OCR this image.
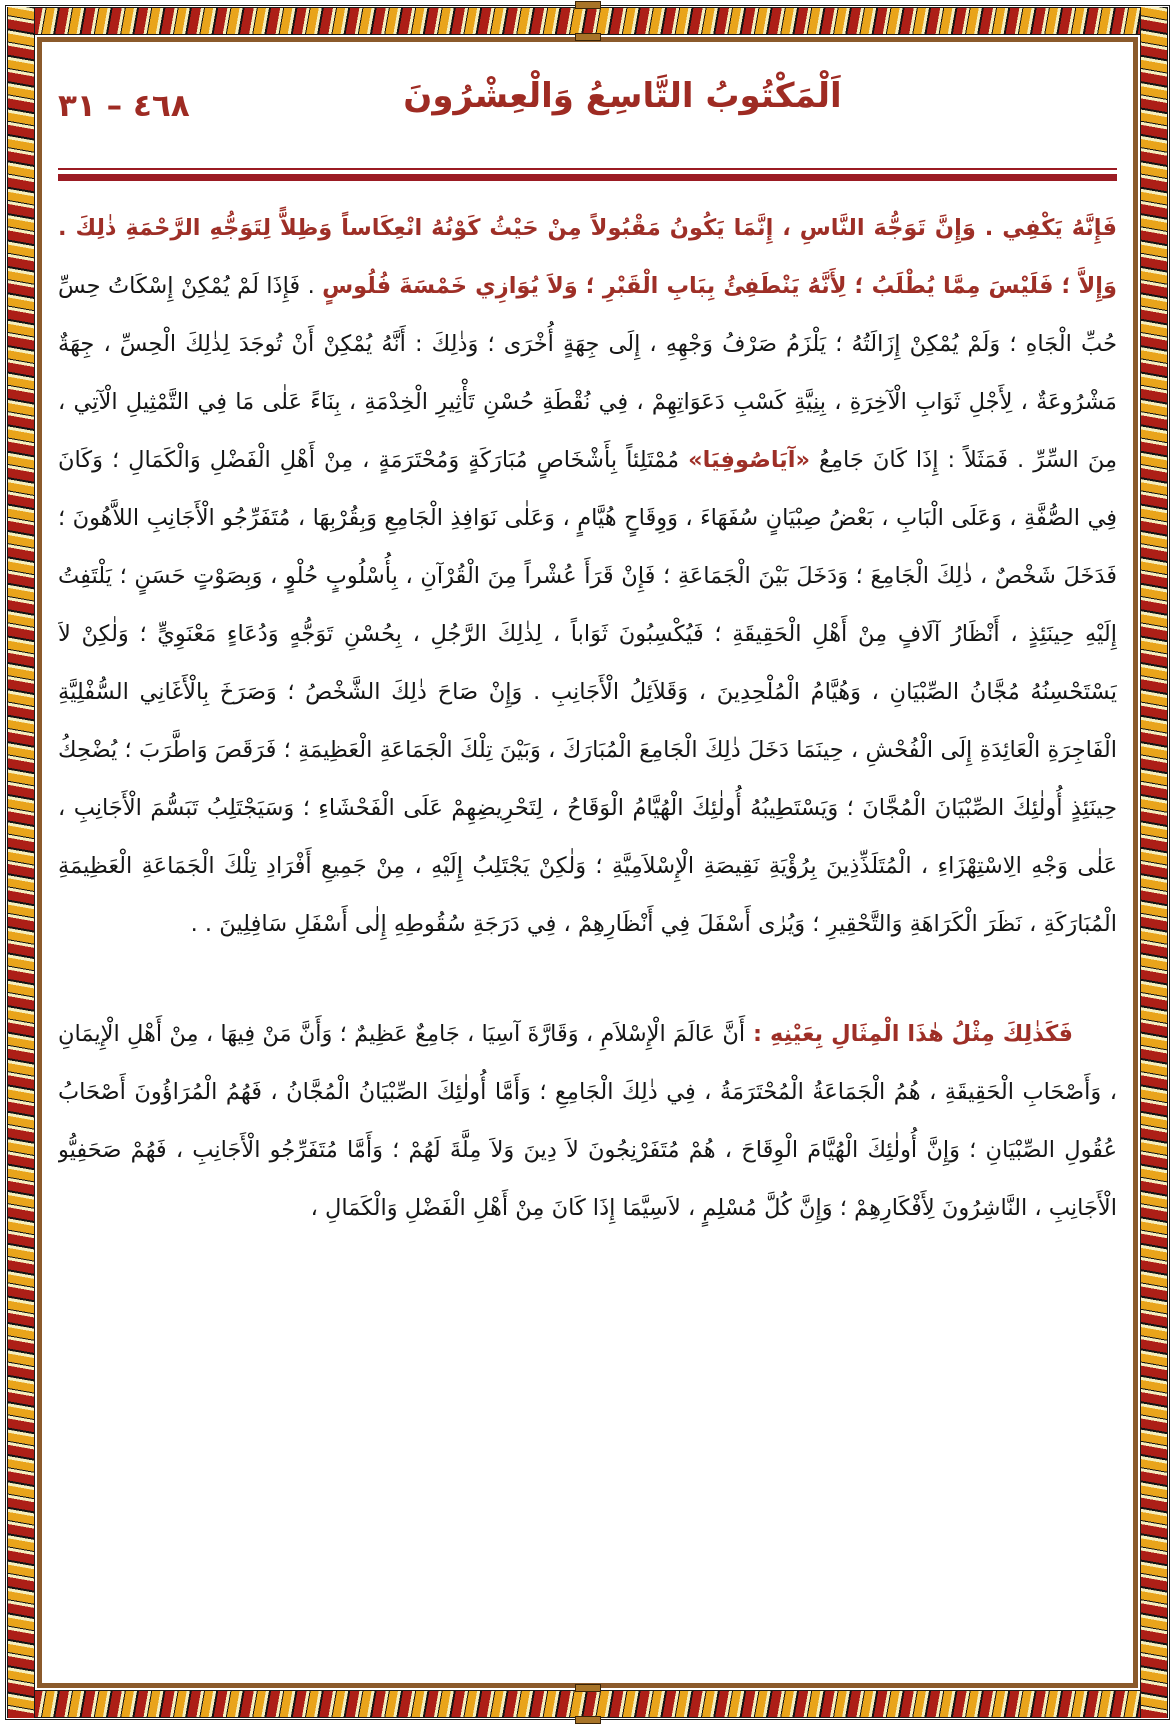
٤٦٨ – ٣١	اَلْمَكْتُوبُ التَّاسِعُ وَالْعِشْرُونَ

فَإِنَّهُ يَكْفِي . وَإِنَّ تَوَجُّهَ النَّاسِ ، إِنَّمَا يَكُونُ مَقْبُولاً مِنْ حَيْثُ كَوْنُهُ انْعِكَاساً وَظِلاًّ لِتَوَجُّهِ الرَّحْمَةِ ذٰلِكَ . وَإِلاَّ ؛ فَلَيْسَ مِمَّا يُطْلَبُ ؛ لِأَنَّهُ يَنْطَفِئُ بِبَابِ الْقَبْرِ ؛ وَلاَ يُوَازِي خَمْسَةَ فُلُوسٍ . فَإِذَا لَمْ يُمْكِنْ إِسْكَاتُ حِسِّ حُبِّ الْجَاهِ ؛ وَلَمْ يُمْكِنْ إِزَالَتُهُ ؛ يَلْزَمُ صَرْفُ وَجْهِهِ ، إِلَى جِهَةٍ أُخْرَى ؛ وَذٰلِكَ : أَنَّهُ يُمْكِنْ أَنْ تُوجَدَ لِذٰلِكَ الْحِسِّ ، جِهَةٌ مَشْرُوعَةٌ ، لِأَجْلِ ثَوَابِ الْآخِرَةِ ، بِنِيَّةِ كَسْبِ دَعَوَاتِهِمْ ، فِي نُقْطَةِ حُسْنِ تَأْثِيرِ الْخِدْمَةِ ، بِنَاءً عَلٰى مَا فِي التَّمْثِيلِ الْآتِي ، مِنَ السِّرِّ . فَمَثَلاً : إِذَا كَانَ جَامِعُ «آيَاصُوفِيَا» مُمْتَلِئاً بِأَشْخَاصٍ مُبَارَكَةٍ وَمُحْتَرَمَةٍ ، مِنْ أَهْلِ الْفَضْلِ وَالْكَمَالِ ؛ وَكَانَ فِي الصُّفَّةِ ، وَعَلَى الْبَابِ ، بَعْضُ صِبْيَانٍ سُفَهَاءَ ، وَوِقَاحٍ هُيَّامٍ ، وَعَلٰى نَوَافِذِ الْجَامِعِ وَبِقُرْبِهَا ، مُتَفَرِّجُو الْأَجَانِبِ اللاَّهُونَ ؛ فَدَخَلَ شَخْصٌ ، ذٰلِكَ الْجَامِعَ ؛ وَدَخَلَ بَيْنَ الْجَمَاعَةِ ؛ فَإِنْ قَرَأَ عُشْراً مِنَ الْقُرْآنِ ، بِأُسْلُوبٍ حُلْوٍ ، وَبِصَوْتٍ حَسَنٍ ؛ يَلْتَفِتُ إِلَيْهِ حِينَئِذٍ ، أَنْظَارُ آلَافٍ مِنْ أَهْلِ الْحَقِيقَةِ ؛ فَيُكْسِبُونَ ثَوَاباً ، لِذٰلِكَ الرَّجُلِ ، بِحُسْنِ تَوَجُّهٍ وَدُعَاءٍ مَعْنَوِيٍّ ؛ وَلٰكِنْ لاَ يَسْتَحْسِنُهُ مُجَّانُ الصِّبْيَانِ ، وَهُيَّامُ الْمُلْحِدِينَ ، وَقَلاَئِلُ الْأَجَانِبِ . وَإِنْ صَاحَ ذٰلِكَ الشَّخْصُ ؛ وَصَرَخَ بِالْأَغَانِي السُّفْلِيَّةِ الْفَاجِرَةِ الْعَائِدَةِ إِلَى الْفُحْشِ ، حِينَمَا دَخَلَ ذٰلِكَ الْجَامِعَ الْمُبَارَكَ ، وَبَيْنَ تِلْكَ الْجَمَاعَةِ الْعَظِيمَةِ ؛ فَرَقَصَ وَاطَّرَبَ ؛ يُضْحِكُ حِينَئِذٍ أُولٰئِكَ الصِّبْيَانَ الْمُجَّانَ ؛ وَيَسْتَطِيبُهُ أُولٰئِكَ الْهُيَّامُ الْوَقَاحُ ، لِتَحْرِيضِهِمْ عَلَى الْفَحْشَاءِ ؛ وَسَيَجْتَلِبُ تَبَسُّمَ الْأَجَانِبِ ، عَلٰى وَجْهِ الِاسْتِهْزَاءِ ، الْمُتَلَذِّذِينَ بِرُؤْيَةِ نَقِيصَةِ الْإِسْلاَمِيَّةِ ؛ وَلٰكِنْ يَجْتَلِبُ إِلَيْهِ ، مِنْ جَمِيعِ أَفْرَادِ تِلْكَ الْجَمَاعَةِ الْعَظِيمَةِ الْمُبَارَكَةِ ، نَظَرَ الْكَرَاهَةِ وَالتَّحْقِيرِ ؛ وَيُرٰى أَسْفَلَ فِي أَنْظَارِهِمْ ، فِي دَرَجَةِ سُقُوطِهِ إِلٰى أَسْفَلِ سَافِلِينَ . .

فَكَذٰلِكَ مِثْلُ هٰذَا الْمِثَالِ بِعَيْنِهِ : أَنَّ عَالَمَ الْإِسْلاَمِ ، وَقَارَّةَ آسِيَا ، جَامِعٌ عَظِيمٌ ؛ وَأَنَّ مَنْ فِيهَا ، مِنْ أَهْلِ الْإِيمَانِ ، وَأَصْحَابِ الْحَقِيقَةِ ، هُمُ الْجَمَاعَةُ الْمُحْتَرَمَةُ ، فِي ذٰلِكَ الْجَامِعِ ؛ وَأَمَّا أُولٰئِكَ الصِّبْيَانُ الْمُجَّانُ ، فَهُمُ الْمُرَاؤُونَ أَصْحَابُ عُقُولِ الصِّبْيَانِ ؛ وَإِنَّ أُولٰئِكَ الْهُيَّامَ الْوِقَاحَ ، هُمْ مُتَفَرْنِجُونَ لاَ دِينَ وَلاَ مِلَّةَ لَهُمْ ؛ وَأَمَّا مُتَفَرِّجُو الْأَجَانِبِ ، فَهُمْ صَحَفِيُّو الْأَجَانِبِ ، النَّاشِرُونَ لِأَفْكَارِهِمْ ؛ وَإِنَّ كُلَّ مُسْلِمٍ ، لاَسِيَّمَا إِذَا كَانَ مِنْ أَهْلِ الْفَضْلِ وَالْكَمَالِ ،
